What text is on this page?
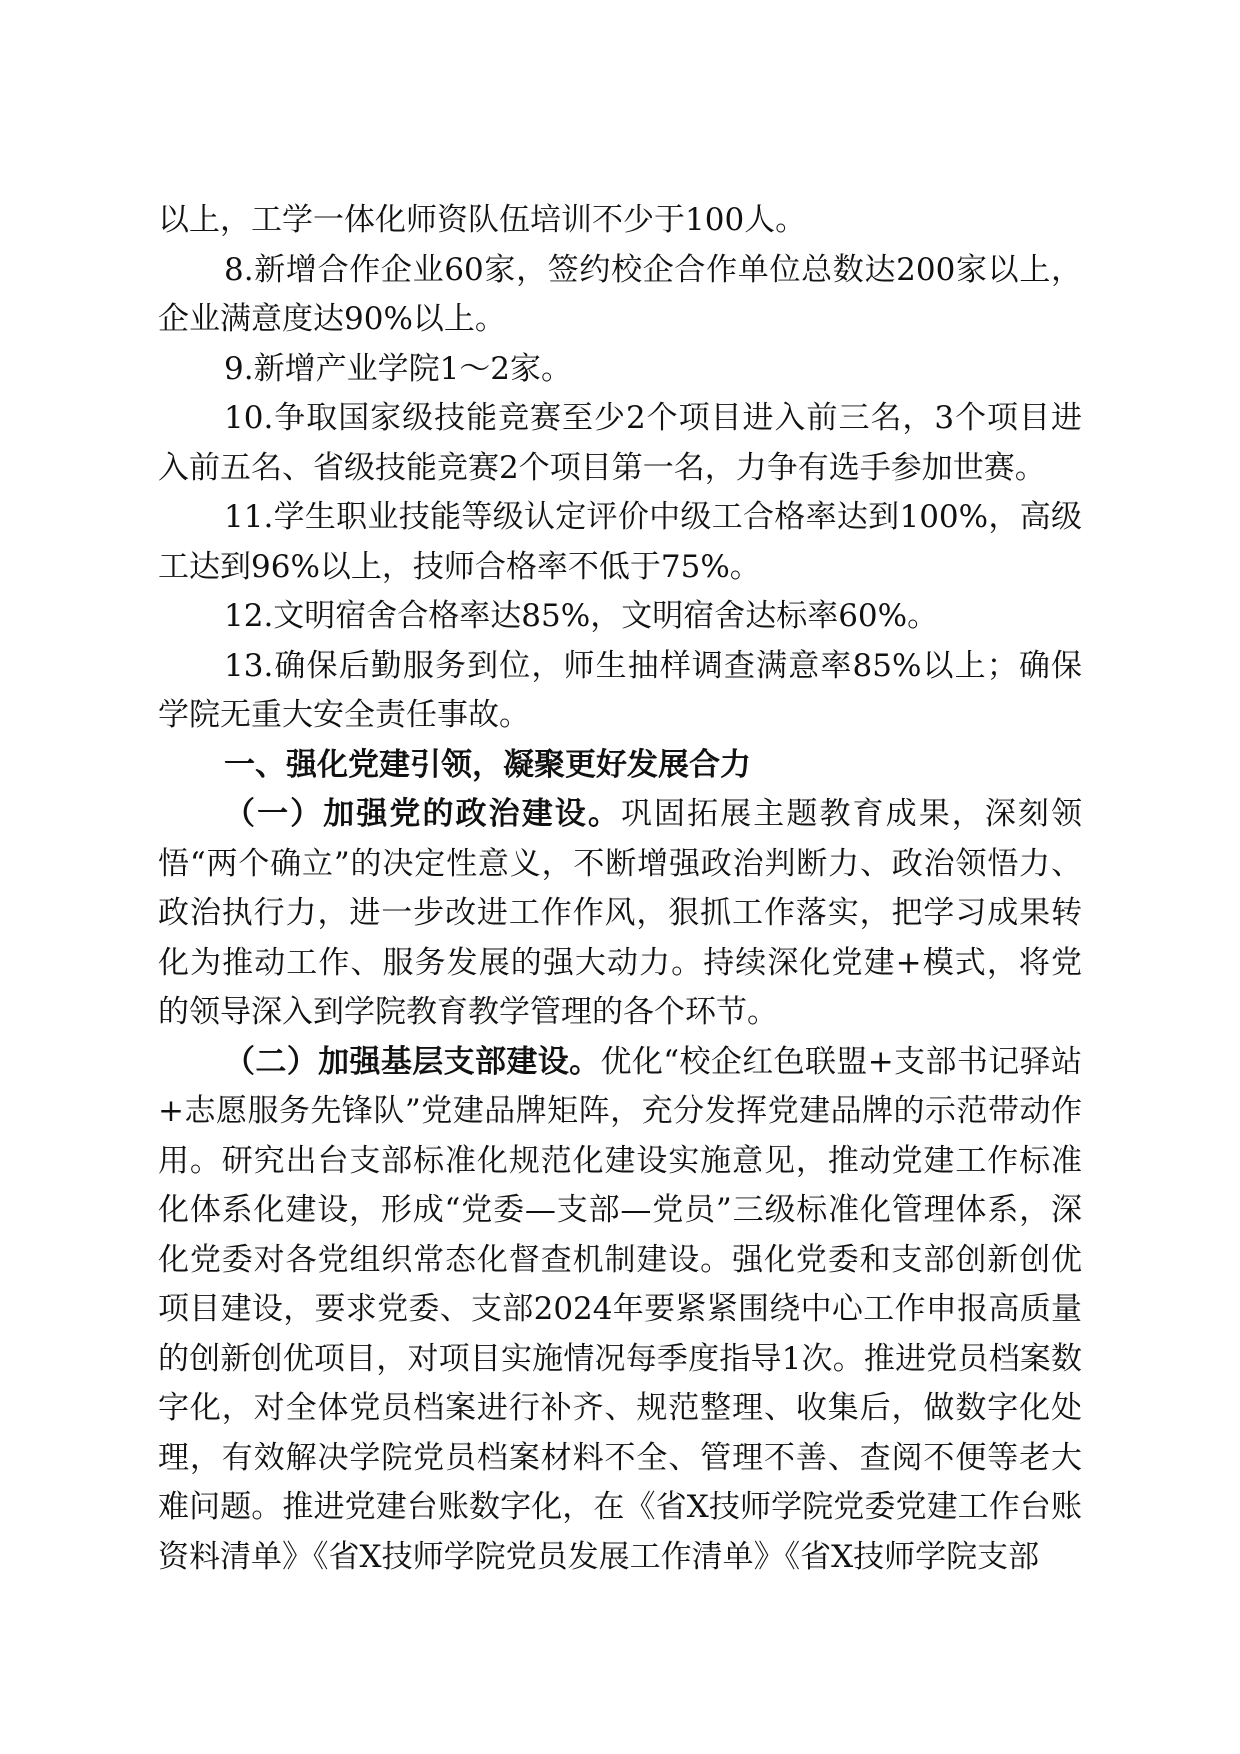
以上，工学一体化师资队伍培训不少于100人。

8.新增合作企业60家，签约校企合作单位总数达200家以上，企业满意度达90%以上。

9.新增产业学院1～2家。

10.争取国家级技能竞赛至少2个项目进入前三名，3个项目进入前五名、省级技能竞赛2个项目第一名，力争有选手参加世赛。

11.学生职业技能等级认定评价中级工合格率达到100%，高级工达到96%以上，技师合格率不低于75%。

12.文明宿舍合格率达85%，文明宿舍达标率60%。

13.确保后勤服务到位，师生抽样调查满意率85%以上；确保学院无重大安全责任事故。

一、强化党建引领，凝聚更好发展合力

（一）加强党的政治建设。巩固拓展主题教育成果，深刻领悟“两个确立”的决定性意义，不断增强政治判断力、政治领悟力、政治执行力，进一步改进工作作风，狠抓工作落实，把学习成果转化为推动工作、服务发展的强大动力。持续深化党建+模式，将党的领导深入到学院教育教学管理的各个环节。

（二）加强基层支部建设。优化“校企红色联盟+支部书记驿站+志愿服务先锋队”党建品牌矩阵，充分发挥党建品牌的示范带动作用。研究出台支部标准化规范化建设实施意见，推动党建工作标准化体系化建设，形成“党委—支部—党员”三级标准化管理体系，深化党委对各党组织常态化督查机制建设。强化党委和支部创新创优项目建设，要求党委、支部2024年要紧紧围绕中心工作申报高质量的创新创优项目，对项目实施情况每季度指导1次。推进党员档案数字化，对全体党员档案进行补齐、规范整理、收集后，做数字化处理，有效解决学院党员档案材料不全、管理不善、查阅不便等老大难问题。推进党建台账数字化，在《省X技师学院党委党建工作台账资料清单》《省X技师学院党员发展工作清单》《省X技师学院支部
